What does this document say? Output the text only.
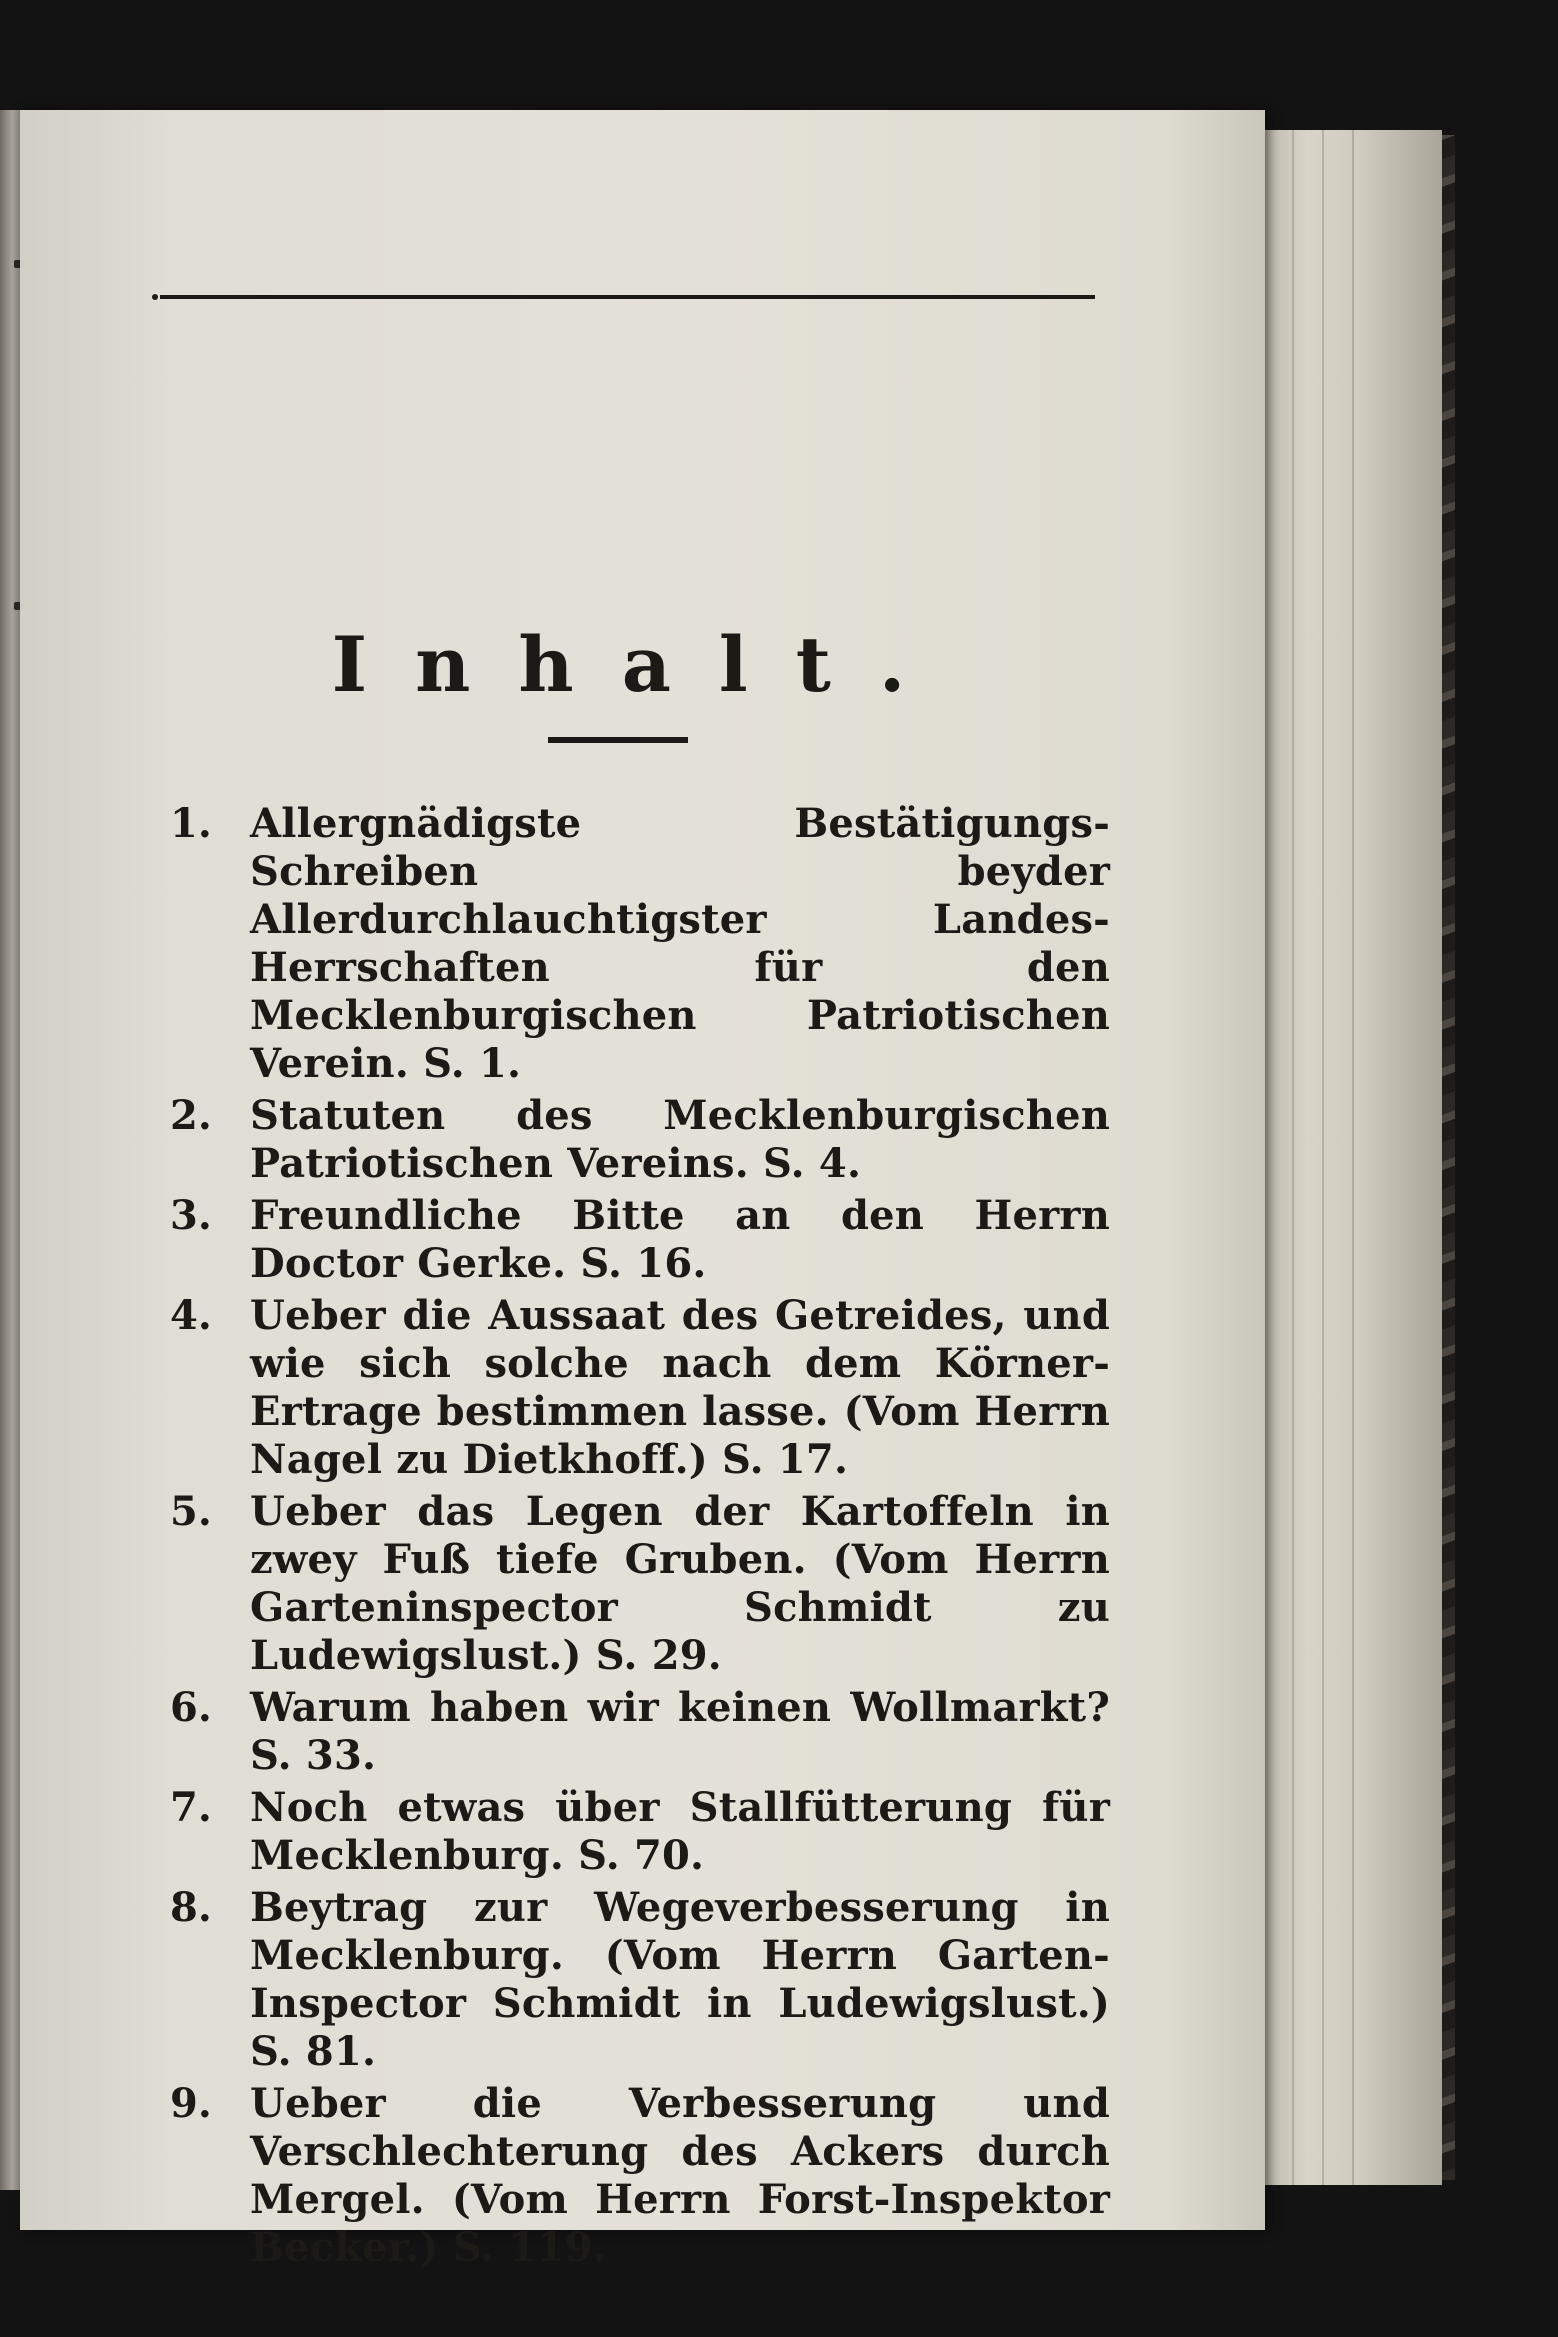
Inhalt.
1. Allergnädigste Bestätigungs-Schreiben beyder Allerdurchlauchtigster Landes-Herrschaften für den Mecklenburgischen Patriotischen Verein. S. 1.
2. Statuten des Mecklenburgischen Patriotischen Vereins. S. 4.
3. Freundliche Bitte an den Herrn Doctor Gerke. S. 16.
4. Ueber die Aussaat des Getreides, und wie sich solche nach dem Körner-Ertrage bestimmen lasse. (Vom Herrn Nagel zu Dietkhoff.) S. 17.
5. Ueber das Legen der Kartoffeln in zwey Fuß tiefe Gruben. (Vom Herrn Garteninspector Schmidt zu Ludewigslust.) S. 29.
6. Warum haben wir keinen Wollmarkt? S. 33.
7. Noch etwas über Stallfütterung für Mecklenburg. S. 70.
8. Beytrag zur Wegeverbesserung in Mecklenburg. (Vom Herrn Garten-Inspector Schmidt in Ludewigslust.) S. 81.
9. Ueber die Verbesserung und Verschlechterung des Ackers durch Mergel. (Vom Herrn Forst-Inspektor Becker.) S. 119.
